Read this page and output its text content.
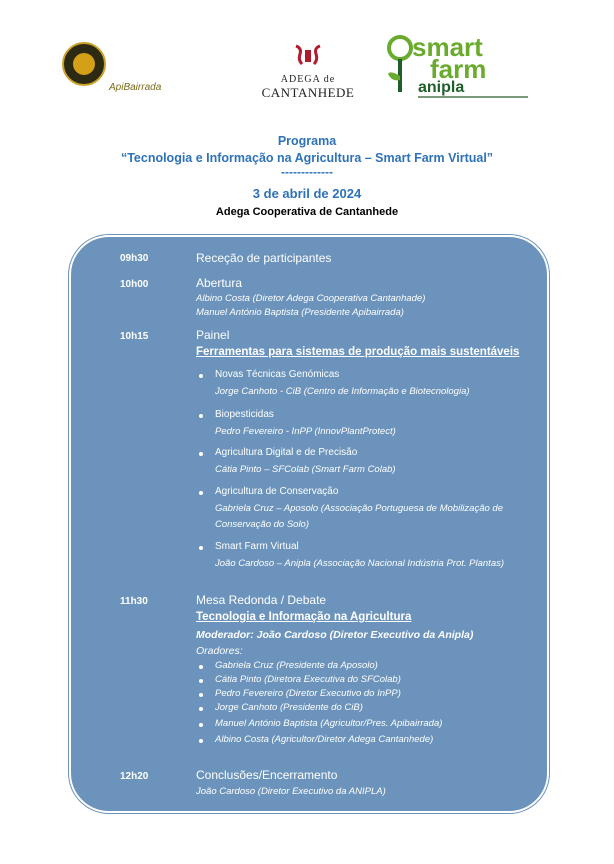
ApiBairrada
ADEGA de
CANTANHEDE
smart
farm
anipla
Programa
“Tecnologia e Informação na Agricultura – Smart Farm Virtual”
-------------
3 de abril de 2024
Adega Cooperativa de Cantanhede
09h30	Receção de participantes
10h00	Abertura
Albino Costa (Diretor Adega Cooperativa Cantanhade)
Manuel António Baptista (Presidente Apibairrada)
10h15	Painel
Ferramentas para sistemas de produção mais sustentáveis
Novas Técnicas Genómicas
Jorge Canhoto - CiB (Centro de Informação e Biotecnologia)
Biopesticidas
Pedro Fevereiro - InPP (InnovPlantProtect)
Agricultura Digital e de Precisão
Cátia Pinto – SFColab (Smart Farm Colab)
Agricultura de Conservação
Gabriela Cruz – Aposolo (Associação Portuguesa de Mobilização de
Conservação do Solo)
Smart Farm Virtual
João Cardoso – Anipla (Associação Nacional Indústria Prot. Plantas)
11h30	Mesa Redonda / Debate
Tecnologia e Informação na Agricultura
Moderador: João Cardoso (Diretor Executivo da Anipla)
Oradores:
Gabriela Cruz (Presidente da Aposolo)
Cátia Pinto (Diretora Executiva do SFColab)
Pedro Fevereiro (Diretor Executivo do InPP)
Jorge Canhoto (Presidente do CiB)
Manuel António Baptista (Agricultor/Pres. Apibairrada)
Albino Costa (Agricultor/Diretor Adega Cantanhede)
12h20	Conclusões/Encerramento
João Cardoso (Diretor Executivo da ANIPLA)
